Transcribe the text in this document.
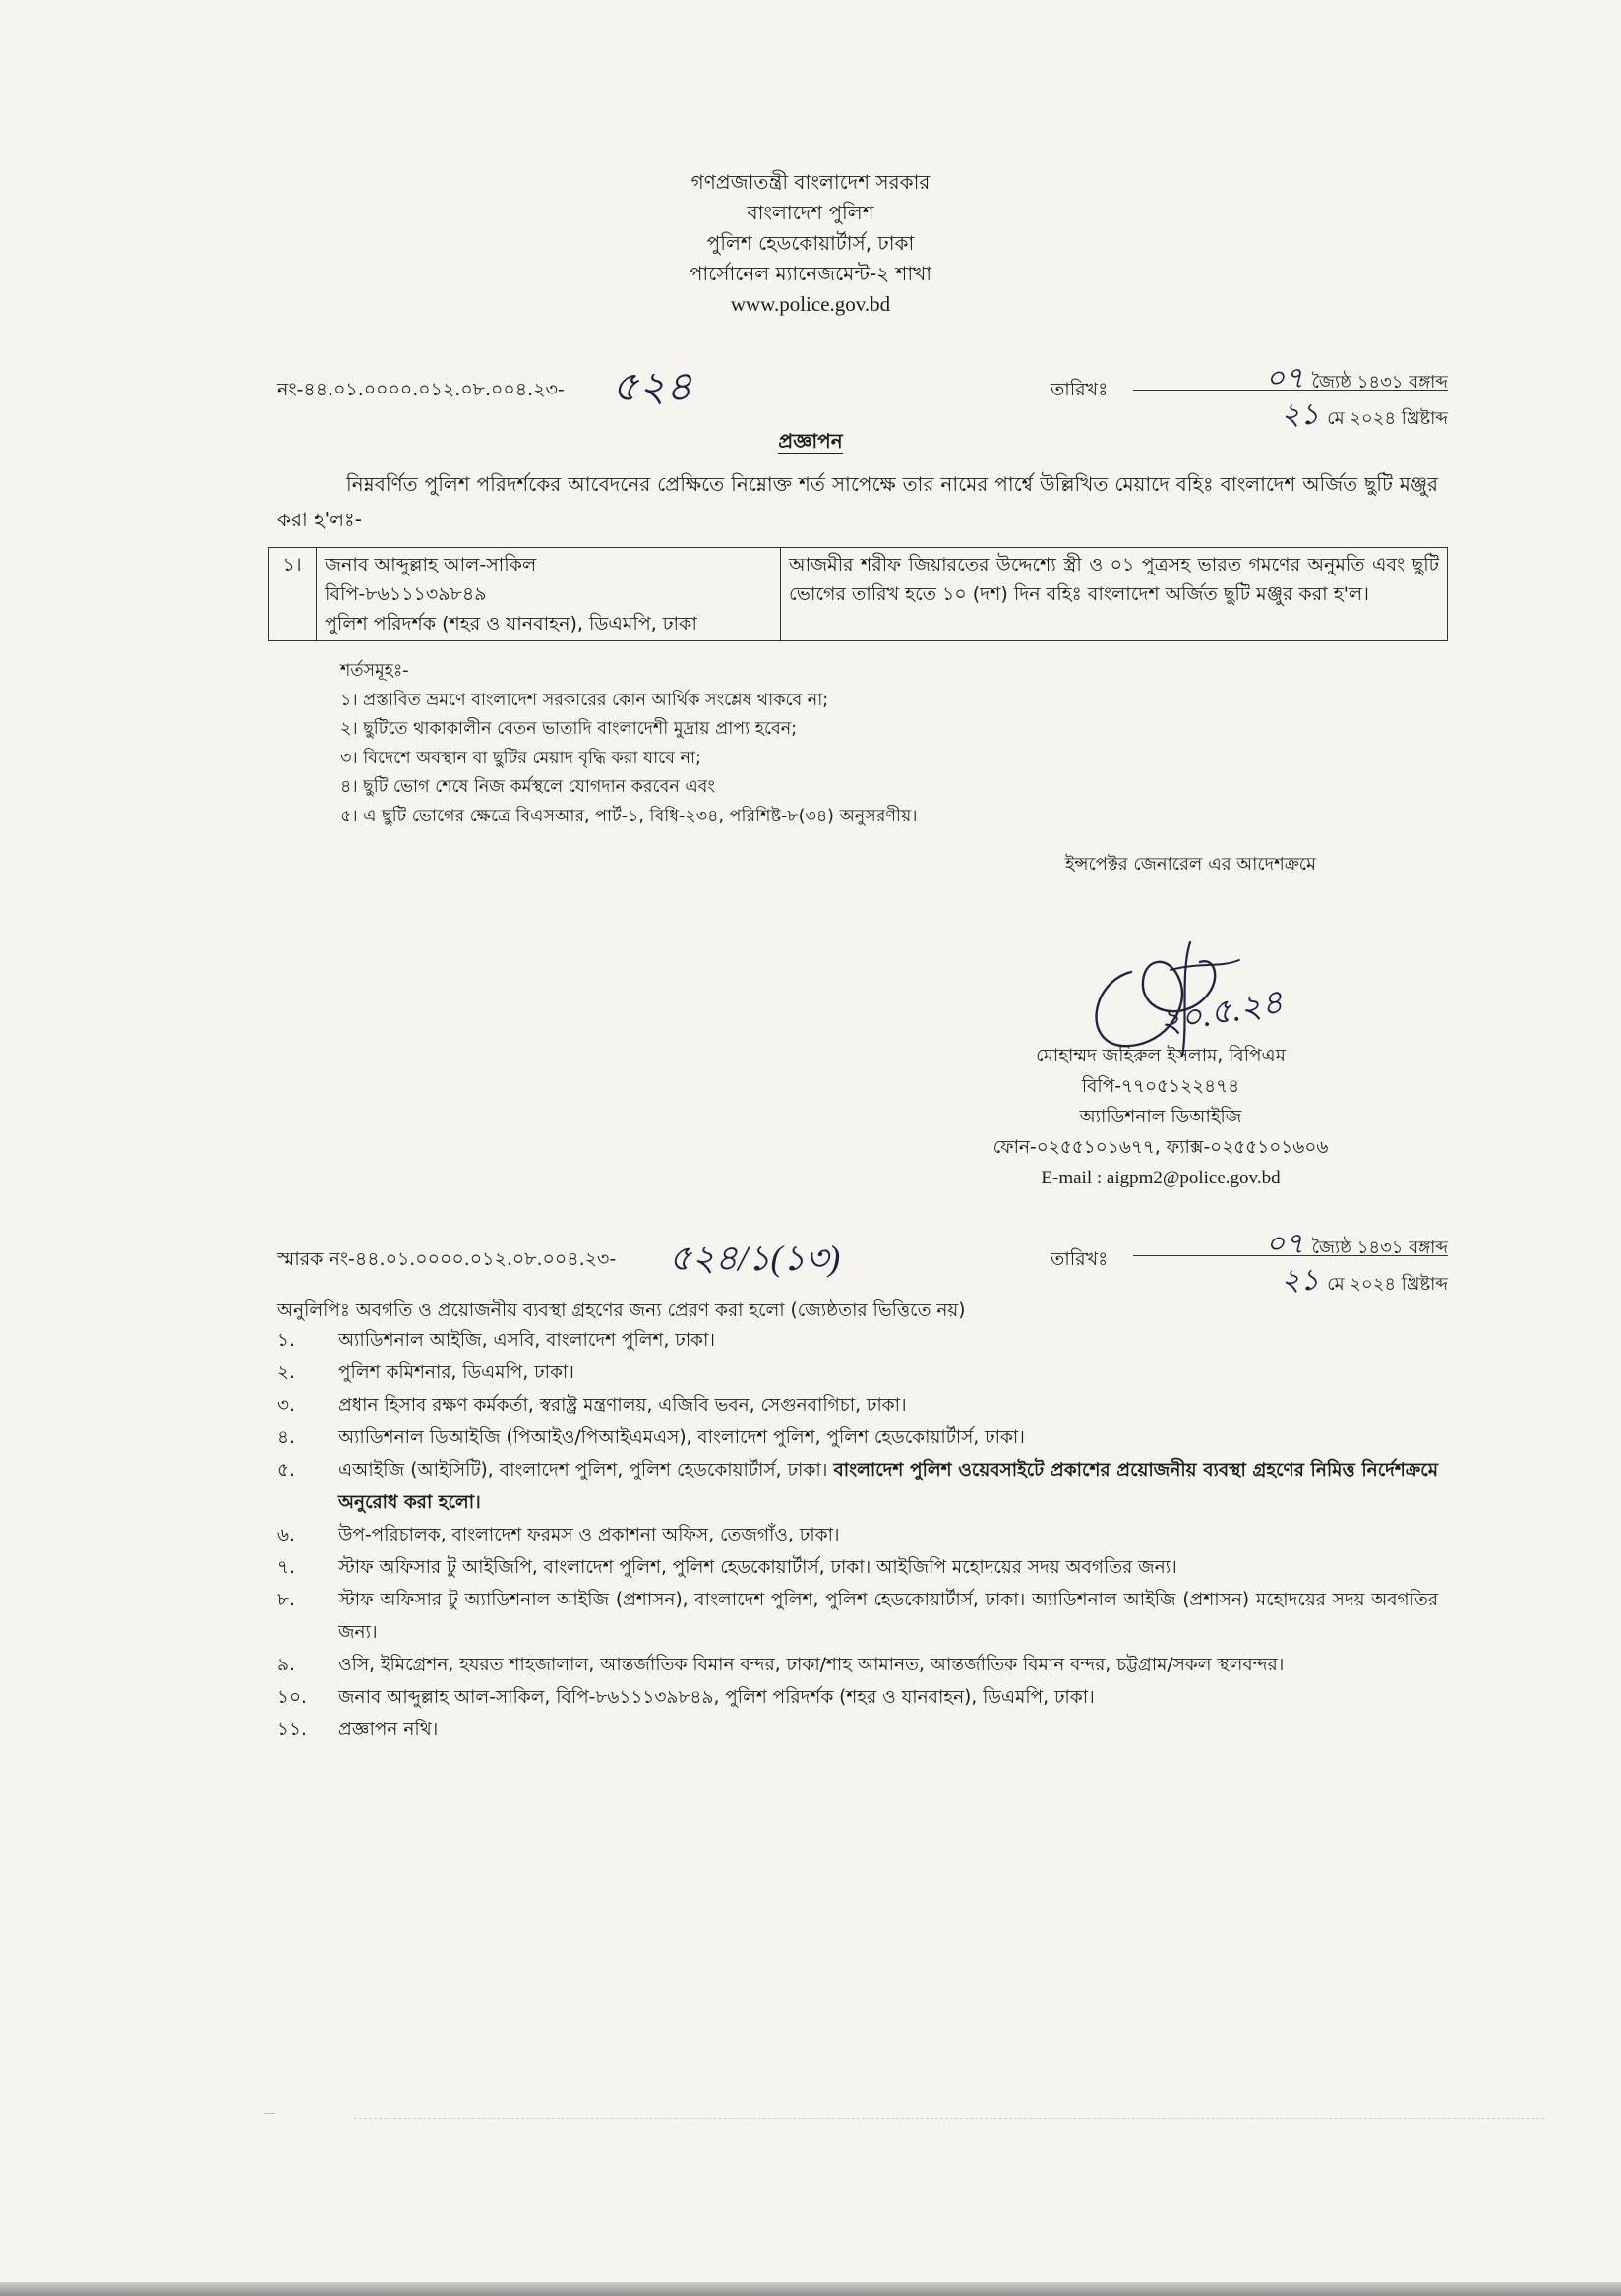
গণপ্রজাতন্ত্রী বাংলাদেশ সরকার
বাংলাদেশ পুলিশ
পুলিশ হেডকোয়ার্টার্স, ঢাকা
পার্সোনেল ম্যানেজমেন্ট-২ শাখা
www.police.gov.bd
নং-৪৪.০১.০০০০.০১২.০৮.০০৪.২৩- ৫২৪	তারিখঃ	০৭ জ্যৈষ্ঠ ১৪৩১ বঙ্গাব্দ
২১ মে ২০২৪ খ্রিষ্টাব্দ
প্রজ্ঞাপন
নিম্নবর্ণিত পুলিশ পরিদর্শকের আবেদনের প্রেক্ষিতে নিম্নোক্ত শর্ত সাপেক্ষে তার নামের পার্শ্বে উল্লিখিত মেয়াদে বহিঃ বাংলাদেশ অর্জিত ছুটি মঞ্জুর করা হ'লঃ-
১।	জনাব আব্দুল্লাহ আল-সাকিল
বিপি-৮৬১১১৩৯৮৪৯
পুলিশ পরিদর্শক (শহর ও যানবাহন), ডিএমপি, ঢাকা
	আজমীর শরীফ জিয়ারতের উদ্দেশ্যে স্ত্রী ও ০১ পুত্রসহ ভারত গমণের অনুমতি এবং ছুটি ভোগের তারিখ হতে ১০ (দশ) দিন বহিঃ বাংলাদেশ অর্জিত ছুটি মঞ্জুর করা হ'ল।
শর্তসমূহঃ-
১। প্রস্তাবিত ভ্রমণে বাংলাদেশ সরকারের কোন আর্থিক সংশ্লেষ থাকবে না;
২। ছুটিতে থাকাকালীন বেতন ভাতাদি বাংলাদেশী মুদ্রায় প্রাপ্য হবেন;
৩। বিদেশে অবস্থান বা ছুটির মেয়াদ বৃদ্ধি করা যাবে না;
৪। ছুটি ভোগ শেষে নিজ কর্মস্থলে যোগদান করবেন এবং
৫। এ ছুটি ভোগের ক্ষেত্রে বিএসআর, পার্ট-১, বিধি-২৩৪, পরিশিষ্ট-৮(৩৪) অনুসরণীয়।
ইন্সপেক্টর জেনারেল এর আদেশক্রমে
২০.৫.২৪
মোহাম্মদ জহিরুল ইসলাম, বিপিএম
বিপি-৭৭০৫১২২৪৭৪
অ্যাডিশনাল ডিআইজি
ফোন-০২৫৫১০১৬৭৭, ফ্যাক্স-০২৫৫১০১৬০৬
E-mail : aigpm2@police.gov.bd
স্মারক নং-৪৪.০১.০০০০.০১২.০৮.০০৪.২৩- ৫২৪/১(১৩)	তারিখঃ	০৭ জ্যৈষ্ঠ ১৪৩১ বঙ্গাব্দ
২১ মে ২০২৪ খ্রিষ্টাব্দ
অনুলিপিঃ অবগতি ও প্রয়োজনীয় ব্যবস্থা গ্রহণের জন্য প্রেরণ করা হলো (জ্যেষ্ঠতার ভিত্তিতে নয়)
১.	অ্যাডিশনাল আইজি, এসবি, বাংলাদেশ পুলিশ, ঢাকা।
২.	পুলিশ কমিশনার, ডিএমপি, ঢাকা।
৩.	প্রধান হিসাব রক্ষণ কর্মকর্তা, স্বরাষ্ট্র মন্ত্রণালয়, এজিবি ভবন, সেগুনবাগিচা, ঢাকা।
৪.	অ্যাডিশনাল ডিআইজি (পিআইও/পিআইএমএস), বাংলাদেশ পুলিশ, পুলিশ হেডকোয়ার্টার্স, ঢাকা।
৫.	এআইজি (আইসিটি), বাংলাদেশ পুলিশ, পুলিশ হেডকোয়ার্টার্স, ঢাকা। বাংলাদেশ পুলিশ ওয়েবসাইটে প্রকাশের প্রয়োজনীয় ব্যবস্থা গ্রহণের নিমিত্ত নির্দেশক্রমে অনুরোধ করা হলো।
৬.	উপ-পরিচালক, বাংলাদেশ ফরমস ও প্রকাশনা অফিস, তেজগাঁও, ঢাকা।
৭.	স্টাফ অফিসার টু আইজিপি, বাংলাদেশ পুলিশ, পুলিশ হেডকোয়ার্টার্স, ঢাকা। আইজিপি মহোদয়ের সদয় অবগতির জন্য।
৮.	স্টাফ অফিসার টু অ্যাডিশনাল আইজি (প্রশাসন), বাংলাদেশ পুলিশ, পুলিশ হেডকোয়ার্টার্স, ঢাকা। অ্যাডিশনাল আইজি (প্রশাসন) মহোদয়ের সদয় অবগতির জন্য।
৯.	ওসি, ইমিগ্রেশন, হযরত শাহজালাল, আন্তর্জাতিক বিমান বন্দর, ঢাকা/শাহ আমানত, আন্তর্জাতিক বিমান বন্দর, চট্টগ্রাম/সকল স্থলবন্দর।
১০.	জনাব আব্দুল্লাহ আল-সাকিল, বিপি-৮৬১১১৩৯৮৪৯, পুলিশ পরিদর্শক (শহর ও যানবাহন), ডিএমপি, ঢাকা।
১১.	প্রজ্ঞাপন নথি।
